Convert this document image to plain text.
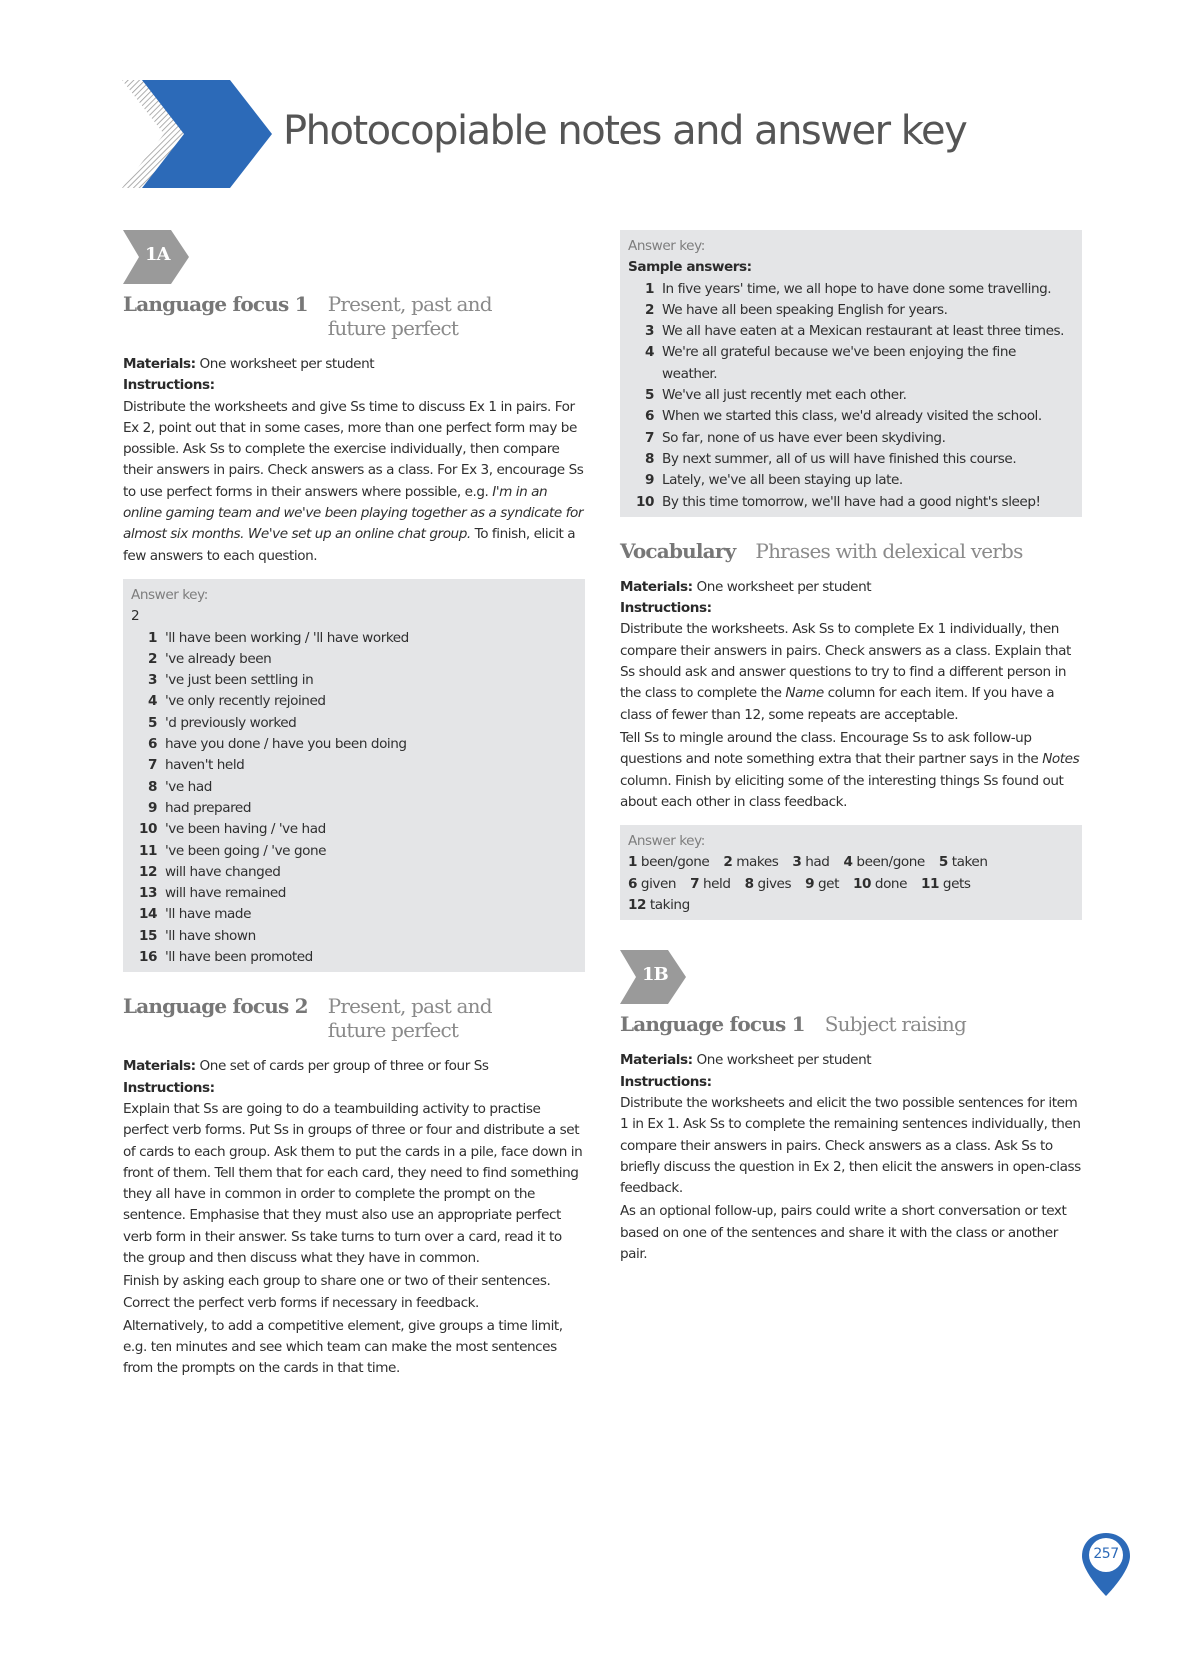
Photocopiable notes and answer key
1A
Language focus 1 Present, past and future perfect
Materials: One worksheet per student
Instructions:
Distribute the worksheets and give Ss time to discuss Ex 1 in pairs. For Ex 2, point out that in some cases, more than one perfect form may be possible. Ask Ss to complete the exercise individually, then compare their answers in pairs. Check answers as a class. For Ex 3, encourage Ss to use perfect forms in their answers where possible, e.g. I'm in an online gaming team and we've been playing together as a syndicate for almost six months. We've set up an online chat group. To finish, elicit a few answers to each question.
Answer key:
2
1 'll have been working / 'll have worked
2 've already been
3 've just been settling in
4 've only recently rejoined
5 'd previously worked
6 have you done / have you been doing
7 haven't held
8 've had
9 had prepared
10 've been having / 've had
11 've been going / 've gone
12 will have changed
13 will have remained
14 'll have made
15 'll have shown
16 'll have been promoted
Language focus 2 Present, past and future perfect
Materials: One set of cards per group of three or four Ss
Instructions:
Explain that Ss are going to do a teambuilding activity to practise perfect verb forms. Put Ss in groups of three or four and distribute a set of cards to each group. Ask them to put the cards in a pile, face down in front of them. Tell them that for each card, they need to find something they all have in common in order to complete the prompt on the sentence. Emphasise that they must also use an appropriate perfect verb form in their answer. Ss take turns to turn over a card, read it to the group and then discuss what they have in common.
Finish by asking each group to share one or two of their sentences. Correct the perfect verb forms if necessary in feedback.
Alternatively, to add a competitive element, give groups a time limit, e.g. ten minutes and see which team can make the most sentences from the prompts on the cards in that time.
Answer key:
Sample answers:
1 In five years' time, we all hope to have done some travelling.
2 We have all been speaking English for years.
3 We all have eaten at a Mexican restaurant at least three times.
4 We're all grateful because we've been enjoying the fine weather.
5 We've all just recently met each other.
6 When we started this class, we'd already visited the school.
7 So far, none of us have ever been skydiving.
8 By next summer, all of us will have finished this course.
9 Lately, we've all been staying up late.
10 By this time tomorrow, we'll have had a good night's sleep!
Vocabulary Phrases with delexical verbs
Materials: One worksheet per student
Instructions:
Distribute the worksheets. Ask Ss to complete Ex 1 individually, then compare their answers in pairs. Check answers as a class. Explain that Ss should ask and answer questions to try to find a different person in the class to complete the Name column for each item. If you have a class of fewer than 12, some repeats are acceptable.
Tell Ss to mingle around the class. Encourage Ss to ask follow-up questions and note something extra that their partner says in the Notes column. Finish by eliciting some of the interesting things Ss found out about each other in class feedback.
Answer key:
1 been/gone 2 makes 3 had 4 been/gone 5 taken
6 given 7 held 8 gives 9 get 10 done 11 gets
12 taking
1B
Language focus 1 Subject raising
Materials: One worksheet per student
Instructions:
Distribute the worksheets and elicit the two possible sentences for item 1 in Ex 1. Ask Ss to complete the remaining sentences individually, then compare their answers in pairs. Check answers as a class. Ask Ss to briefly discuss the question in Ex 2, then elicit the answers in open-class feedback.
As an optional follow-up, pairs could write a short conversation or text based on one of the sentences and share it with the class or another pair.
257
